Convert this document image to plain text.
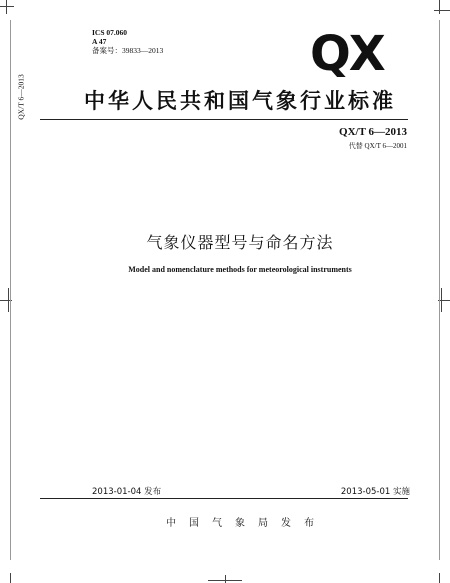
ICS 07.060
A 47
备案号：39833—2013	QX
中华人民共和国气象行业标准
QX/T 6—2013
代替 QX/T 6—2001
QX/T 6—2013
气象仪器型号与命名方法
Model and nomenclature methods for meteorological instruments
2013-01-04 发布	2013-05-01 实施
中国气象局发布
